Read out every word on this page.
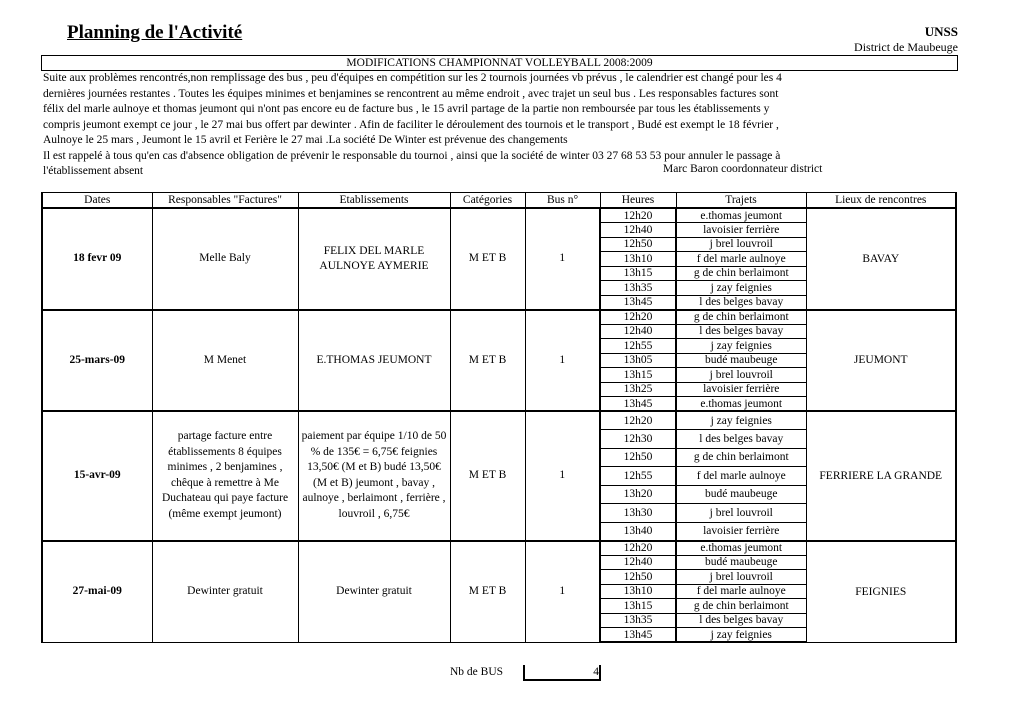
Planning de l'Activité	UNSS
District de Maubeuge
MODIFICATIONS CHAMPIONNAT VOLLEYBALL 2008:2009
Suite aux problèmes rencontrés,non remplissage des bus , peu d'équipes en compétition sur les 2 tournois journées vb prévus , le calendrier est changé pour les 4
dernières journées restantes . Toutes les équipes minimes et benjamines se rencontrent au même endroit , avec trajet un seul bus . Les responsables factures sont
félix del marle aulnoye et thomas jeumont qui n'ont pas encore eu de facture bus , le 15 avril partage de la partie non remboursée par tous les établissements y
compris jeumont exempt ce jour , le 27 mai bus offert par dewinter . Afin de faciliter le déroulement des tournois et le transport , Budé est exempt le 18 février ,
Aulnoye le 25 mars , Jeumont le 15 avril et Ferière le 27 mai .La société De Winter est prévenue des changements
Il est rappelé à tous qu'en cas d'absence obligation de prévenir le responsable du tournoi , ainsi que la société de winter 03 27 68 53 53 pour annuler le passage à
l'établissement absent	Marc Baron coordonnateur district
Dates	Responsables "Factures"	Etablissements	Catégories	Bus n°	Heures	Trajets	Lieux de rencontres

18 fevr 09	Melle Baly	FELIX DEL MARLE AULNOYE AYMERIE	M ET B	1	12h20	e.thomas jeumont	BAVAY
					12h40	lavoisier ferrière	
					12h50	j brel louvroil	
					13h10	f del marle aulnoye	
					13h15	g de chin berlaimont	
					13h35	j zay feignies	
					13h45	l des belges bavay	

25-mars-09	M Menet	E.THOMAS JEUMONT	M ET B	1	12h20	g de chin berlaimont	JEUMONT
					12h40	l des belges bavay	
					12h55	j zay feignies	
					13h05	budé maubeuge	
					13h15	j brel louvroil	
					13h25	lavoisier ferrière	
					13h45	e.thomas jeumont	

15-avr-09	partage facture entre établissements 8 équipes minimes , 2 benjamines , chêque à remettre à Me Duchateau qui paye facture (même exempt jeumont)	paiement par équipe 1/10 de 50 % de 135€ = 6,75€ feignies 13,50€ (M et B) budé 13,50€ (M et B) jeumont , bavay , aulnoye , berlaimont , ferrière , louvroil , 6,75€	M ET B	1	12h20	j zay feignies	FERRIERE LA GRANDE
					12h30	l des belges bavay	
					12h50	g de chin berlaimont	
					12h55	f del marle aulnoye	
					13h20	budé maubeuge	
					13h30	j brel louvroil	
					13h40	lavoisier ferrière	

27-mai-09	Dewinter gratuit	Dewinter gratuit	M ET B	1	12h20	e.thomas jeumont	FEIGNIES
					12h40	budé maubeuge	
					12h50	j brel louvroil	
					13h10	f del marle aulnoye	
					13h15	g de chin berlaimont	
					13h35	l des belges bavay	
					13h45	j zay feignies	
Nb de BUS	4
